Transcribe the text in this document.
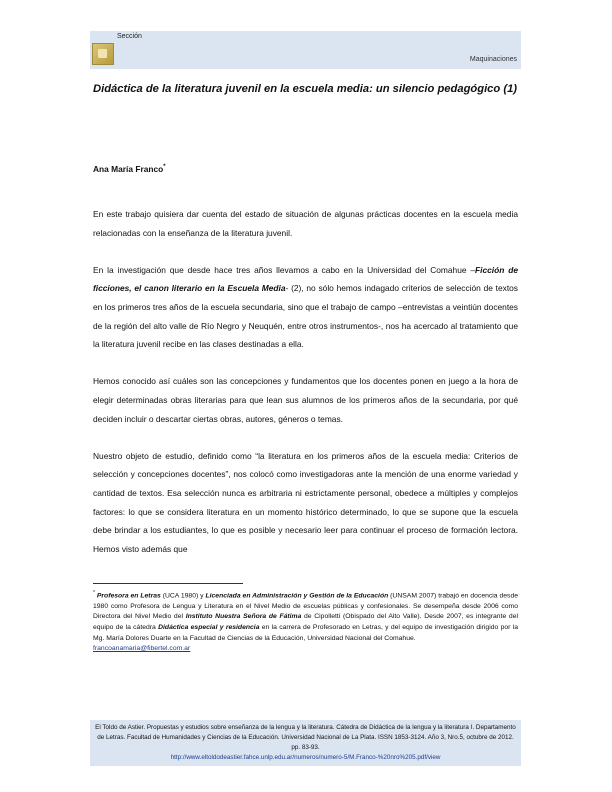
Sección
Maquinaciones
Didáctica de la literatura juvenil en la escuela media: un silencio pedagógico (1)
Ana María Franco*

En este trabajo quisiera dar cuenta del estado de situación de algunas prácticas docentes en la escuela media relacionadas con la enseñanza de la literatura juvenil.

En la investigación que desde hace tres años llevamos a cabo en la Universidad del Comahue –Ficción de ficciones, el canon literario en la Escuela Media- (2), no sólo hemos indagado criterios de selección de textos en los primeros tres años de la escuela secundaria, sino que el trabajo de campo –entrevistas a veintiún docentes de la región del alto valle de Río Negro y Neuquén, entre otros instrumentos-, nos ha acercado al tratamiento que la literatura juvenil recibe en las clases destinadas a ella.

Hemos conocido así cuáles son las concepciones y fundamentos que los docentes ponen en juego a la hora de elegir determinadas obras literarias para que lean sus alumnos de los primeros años de la secundaria, por qué deciden incluir o descartar ciertas obras, autores, géneros o temas.

Nuestro objeto de estudio, definido como “la literatura en los primeros años de la escuela media: Criterios de selección y concepciones docentes”, nos colocó como investigadoras ante la mención de una enorme variedad y cantidad de textos. Esa selección nunca es arbitraria ni estrictamente personal, obedece a múltiples y complejos factores: lo que se considera literatura en un momento histórico determinado, lo que se supone que la escuela debe brindar a los estudiantes, lo que es posible y necesario leer para continuar el proceso de formación lectora. Hemos visto además que

* Profesora en Letras (UCA 1980) y Licenciada en Administración y Gestión de la Educación (UNSAM 2007) trabajó en docencia desde 1980 como Profesora de Lengua y Literatura en el Nivel Medio de escuelas públicas y confesionales. Se desempeña desde 2006 como Directora del Nivel Medio del Instituto Nuestra Señora de Fátima de Cipolletti (Obispado del Alto Valle). Desde 2007, es integrante del equipo de la cátedra Didáctica especial y residencia en la carrera de Profesorado en Letras, y del equipo de investigación dirigido por la Mg. María Dolores Duarte en la Facultad de Ciencias de la Educación, Universidad Nacional del Comahue.
francoanamaria@fibertel.com.ar
El Toldo de Astier. Propuestas y estudios sobre enseñanza de la lengua y la literatura. Cátedra de Didáctica de la lengua y la literatura I. Departamento de Letras. Facultad de Humanidades y Ciencias de la Educación. Universidad Nacional de La Plata. ISSN 1853-3124. Año 3, Nro.5, octubre de 2012. pp. 83-93.
http://www.eltoldodeastier.fahce.unlp.edu.ar/numeros/numero-5/M.Franco-%20nro%205.pdf/view
